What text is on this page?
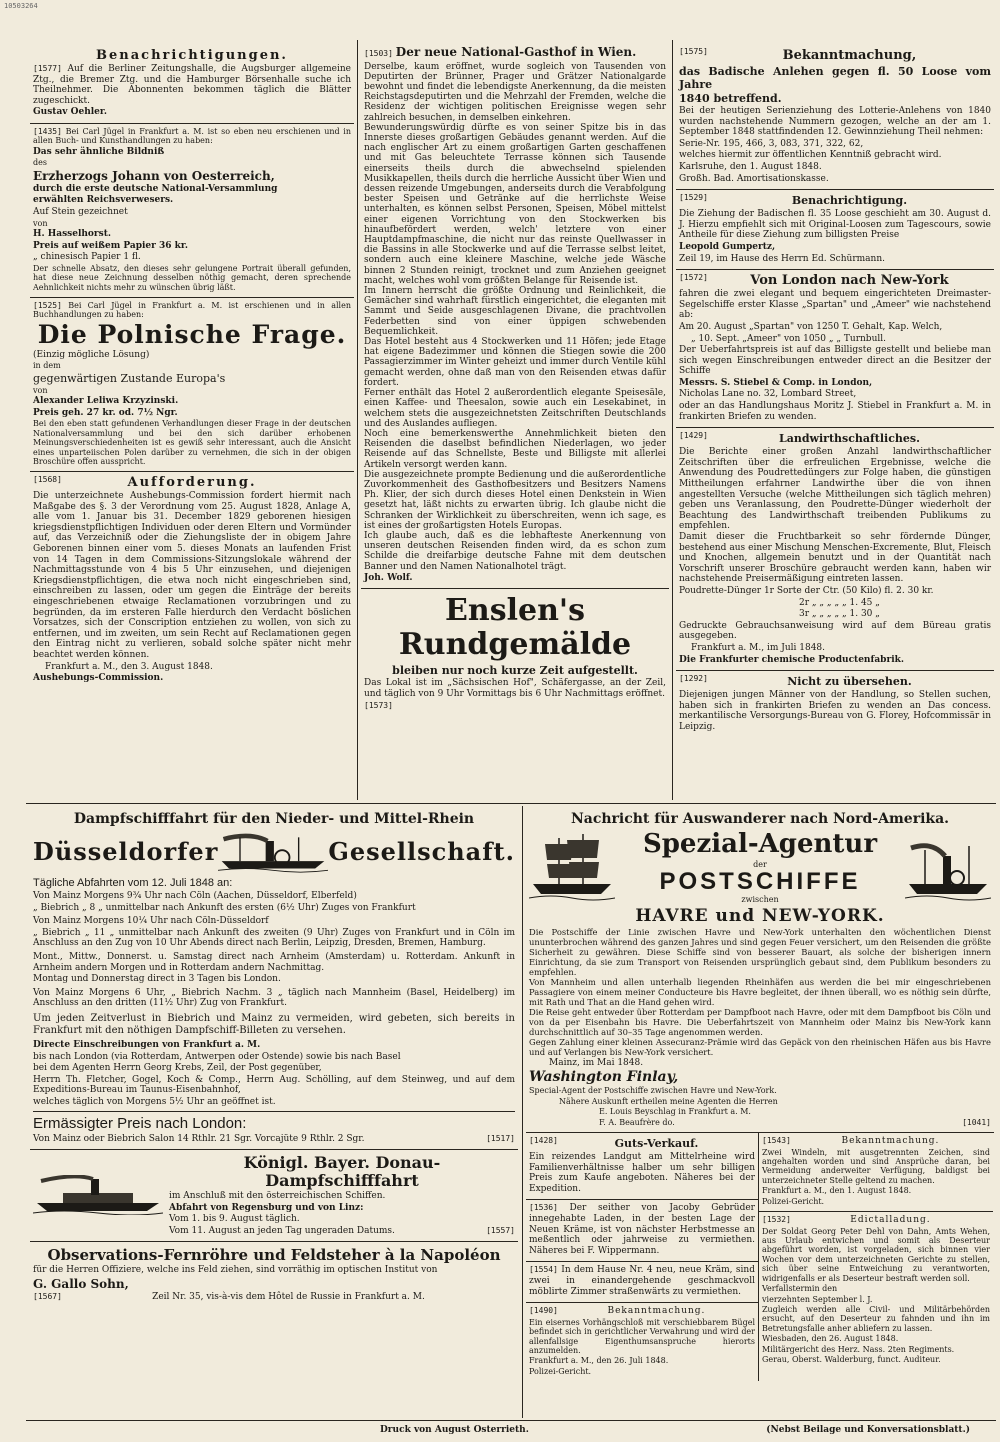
10503264
Benachrichtigungen.

[1577] Auf die Berliner Zeitungshalle, die Augsburger allgemeine Ztg., die Bremer Ztg. und die Hamburger Börsenhalle suche ich Theilnehmer. Die Abonnenten bekommen täglich die Blätter zugeschickt.

Gustav Oehler.

[1435] Bei Carl Jügel in Frankfurt a. M. ist so eben neu erschienen und in allen Buch- und Kunsthandlungen zu haben:

Das sehr ähnliche Bildniß

des

Erzherzogs Johann von Oesterreich,

durch die erste deutsche National-Versammlung

erwählten Reichsverwesers.

Auf Stein gezeichnet

von

H. Hasselhorst.

Preis auf weißem Papier 36 kr.

„ chinesisch Papier 1 fl.

Der schnelle Absatz, den dieses sehr gelungene Portrait überall gefunden, hat diese neue Zeichnung desselben nöthig gemacht, deren sprechende Aehnlichkeit nichts mehr zu wünschen übrig läßt.

[1525] Bei Carl Jügel in Frankfurt a. M. ist erschienen und in allen Buchhandlungen zu haben:

Die Polnische Frage.

(Einzig mögliche Lösung)

in dem

gegenwärtigen Zustande Europa's

von

Alexander Leliwa Krzyzinski.

Preis geh. 27 kr. od. 7½ Ngr.

Bei den eben statt gefundenen Verhandlungen dieser Frage in der deutschen Nationalversammlung und bei den sich darüber erhobenen Meinungsverschiedenheiten ist es gewiß sehr interessant, auch die Ansicht eines unparteiischen Polen darüber zu vernehmen, die sich in der obigen Broschüre offen ausspricht.

[1568]	Aufforderung.

Die unterzeichnete Aushebungs-Commission fordert hiermit nach Maßgabe des §. 3 der Verordnung vom 25. August 1828, Anlage A, alle vom 1. Januar bis 31. December 1829 geborenen hiesigen kriegsdienstpflichtigen Individuen oder deren Eltern und Vormünder auf, das Verzeichniß oder die Ziehungsliste der in obigem Jahre Geborenen binnen einer vom 5. dieses Monats an laufenden Frist von 14 Tagen in dem Commissions-Sitzungslokale während der Nachmittagsstunde von 4 bis 5 Uhr einzusehen, und diejenigen Kriegsdienstpflichtigen, die etwa noch nicht eingeschrieben sind, einschreiben zu lassen, oder um gegen die Einträge der bereits eingeschriebenen etwaige Reclamationen vorzubringen und zu begründen, da im ersteren Falle hierdurch den Verdacht böslichen Vorsatzes, sich der Conscription entziehen zu wollen, von sich zu entfernen, und im zweiten, um sein Recht auf Reclamationen gegen den Eintrag nicht zu verlieren, sobald solche später nicht mehr beachtet werden können.

Frankfurt a. M., den 3. August 1848.

Aushebungs-Commission.

[1503] Der neue National-Gasthof in Wien.

Derselbe, kaum eröffnet, wurde sogleich von Tausenden von Deputirten der Brünner, Prager und Grätzer Nationalgarde bewohnt und findet die lebendigste Anerkennung, da die meisten Reichstagsdeputirten und die Mehrzahl der Fremden, welche die Residenz der wichtigen politischen Ereignisse wegen sehr zahlreich besuchen, in demselben einkehren.
Bewunderungswürdig dürfte es von seiner Spitze bis in das Innerste dieses großartigen Gebäudes genannt werden. Auf die nach englischer Art zu einem großartigen Garten geschaffenen und mit Gas beleuchtete Terrasse können sich Tausende einerseits theils durch die abwechselnd spielenden Musikkapellen, theils durch die herrliche Aussicht über Wien und dessen reizende Umgebungen, anderseits durch die Verabfolgung bester Speisen und Getränke auf die herrlichste Weise unterhalten, es können selbst Personen, Speisen, Möbel mittelst einer eigenen Vorrichtung von den Stockwerken bis hinaufbefördert werden, welch' letztere von einer Hauptdampfmaschine, die nicht nur das reinste Quellwasser in die Bassins in alle Stockwerke und auf die Terrasse selbst leitet, sondern auch eine kleinere Maschine, welche jede Wäsche binnen 2 Stunden reinigt, trocknet und zum Anziehen geeignet macht, welches wohl vom größten Belange für Reisende ist.
Im Innern herrscht die größte Ordnung und Reinlichkeit, die Gemächer sind wahrhaft fürstlich eingerichtet, die eleganten mit Sammt und Seide ausgeschlagenen Divane, die prachtvollen Federbetten sind von einer üppigen schwebenden Bequemlichkeit.
Das Hotel besteht aus 4 Stockwerken und 11 Höfen; jede Etage hat eigene Badezimmer und können die Stiegen sowie die 200 Passagierzimmer im Winter geheizt und immer durch Ventile kühl gemacht werden, ohne daß man von den Reisenden etwas dafür fordert.
Ferner enthält das Hotel 2 außerordentlich elegante Speisesäle, einen Kaffee- und Theesalon, sowie auch ein Lesekabinet, in welchem stets die ausgezeichnetsten Zeitschriften Deutschlands und des Auslandes aufliegen.
Noch eine bemerkenswerthe Annehmlichkeit bieten den Reisenden die daselbst befindlichen Niederlagen, wo jeder Reisende auf das Schnellste, Beste und Billigste mit allerlei Artikeln versorgt werden kann.
Die ausgezeichnete prompte Bedienung und die außerordentliche Zuvorkommenheit des Gasthofbesitzers und Besitzers Namens Ph. Klier, der sich durch dieses Hotel einen Denkstein in Wien gesetzt hat, läßt nichts zu erwarten übrig. Ich glaube nicht die Schranken der Wirklichkeit zu überschreiten, wenn ich sage, es ist eines der großartigsten Hotels Europas.
Ich glaube auch, daß es die lebhafteste Anerkennung von unseren deutschen Reisenden finden wird, da es schon zum Schilde die dreifarbige deutsche Fahne mit dem deutschen Banner und den Namen Nationalhotel trägt.

Joh. Wolf.

Enslen's Rundgemälde
bleiben nur noch kurze Zeit aufgestellt.

Das Lokal ist im „Sächsischen Hof", Schäfergasse, an der Zeil, und täglich von 9 Uhr Vormittags bis 6 Uhr Nachmittags eröffnet.

[1573]

[1575]	Bekanntmachung,

das Badische Anlehen gegen fl. 50 Loose vom Jahre

1840 betreffend.

Bei der heutigen Serienziehung des Lotterie-Anlehens von 1840 wurden nachstehende Nummern gezogen, welche an der am 1. September 1848 stattfindenden 12. Gewinnziehung Theil nehmen:

Serie-Nr. 195, 466, 3, 083, 371, 322, 62,

welches hiermit zur öffentlichen Kenntniß gebracht wird.

Karlsruhe, den 1. August 1848.

Großh. Bad. Amortisationskasse.

[1529]	Benachrichtigung.

Die Ziehung der Badischen fl. 35 Loose geschieht am 30. August d. J. Hierzu empfiehlt sich mit Original-Loosen zum Tagescours, sowie Antheile für diese Ziehung zum billigsten Preise

Leopold Gumpertz,

Zeil 19, im Hause des Herrn Ed. Schürmann.

[1572]	Von London nach New-York

fahren die zwei elegant und bequem eingerichteten Dreimaster-Segelschiffe erster Klasse „Spartan" und „Ameer" wie nachstehend ab:

Am 20. August „Spartan" von 1250 T. Gehalt, Kap. Welch,

„ 10. Sept. „Ameer" von 1050 „ „ Turnbull.

Der Ueberfahrtspreis ist auf das Billigste gestellt und beliebe man sich wegen Einschreibungen entweder direct an die Besitzer der Schiffe

Messrs. S. Stiebel & Comp. in London,

Nicholas Lane no. 32, Lombard Street,

oder an das Handlungshaus Moritz J. Stiebel in Frankfurt a. M. in frankirten Briefen zu wenden.

[1429]	Landwirthschaftliches.

Die Berichte einer großen Anzahl landwirthschaftlicher Zeitschriften über die erfreulichen Ergebnisse, welche die Anwendung des Poudrettedüngers zur Folge haben, die günstigen Mittheilungen erfahrner Landwirthe über die von ihnen angestellten Versuche (welche Mittheilungen sich täglich mehren) geben uns Veranlassung, den Poudrette-Dünger wiederholt der Beachtung des Landwirthschaft treibenden Publikums zu empfehlen.
Damit dieser die Fruchtbarkeit so sehr fördernde Dünger, bestehend aus einer Mischung Menschen-Excremente, Blut, Fleisch und Knochen, allgemein benutzt und in der Quantität nach Vorschrift unserer Broschüre gebraucht werden kann, haben wir nachstehende Preisermäßigung eintreten lassen.

Poudrette-Dünger 1r Sorte der Ctr. (50 Kilo) fl. 2. 30 kr.

2r „ „ „ „ „ 1. 45 „

3r „ „ „ „ „ 1. 30 „

Gedruckte Gebrauchsanweisung wird auf dem Büreau gratis ausgegeben.

Frankfurt a. M., im Juli 1848.

Die Frankfurter chemische Productenfabrik.

[1292]	Nicht zu übersehen.

Diejenigen jungen Männer von der Handlung, so Stellen suchen, haben sich in frankirten Briefen zu wenden an Das concess. merkantilische Versorgungs-Bureau von G. Florey, Hofcommissär in Leipzig.

Dampfschifffahrt für den Nieder- und Mittel-Rhein
Düsseldorfer	Gesellschaft.

Tägliche Abfahrten vom 12. Juli 1848 an:

Von Mainz Morgens 9¾ Uhr nach Cöln (Aachen, Düsseldorf, Elberfeld)

„ Biebrich „ 8 „ unmittelbar nach Ankunft des ersten (6½ Uhr) Zuges von Frankfurt

Von Mainz Morgens 10¼ Uhr nach Cöln-Düsseldorf

„ Biebrich „ 11 „ unmittelbar nach Ankunft des zweiten (9 Uhr) Zuges von Frankfurt und in Cöln im Anschluss an den Zug von 10 Uhr Abends direct nach Berlin, Leipzig, Dresden, Bremen, Hamburg.

Mont., Mittw., Donnerst. u. Samstag direct nach Arnheim (Amsterdam) u. Rotterdam. Ankunft in Arnheim andern Morgen und in Rotterdam andern Nachmittag.

Montag und Donnerstag direct in 3 Tagen bis London.

Von Mainz Morgens 6 Uhr, „ Biebrich Nachm. 3 „ täglich nach Mannheim (Basel, Heidelberg) im Anschluss an den dritten (11½ Uhr) Zug von Frankfurt.

Um jeden Zeitverlust in Biebrich und Mainz zu vermeiden, wird gebeten, sich bereits in Frankfurt mit den nöthigen Dampfschiff-Billeten zu versehen.

Directe Einschreibungen von Frankfurt a. M.

bis nach London (via Rotterdam, Antwerpen oder Ostende) sowie bis nach Basel

bei dem Agenten Herrn Georg Krebs, Zeil, der Post gegenüber,

Herrn Th. Fletcher, Gogel, Koch & Comp., Herrn Aug. Schölling, auf dem Steinweg, und auf dem Expeditions-Bureau im Taunus-Eisenbahnhof,

welches täglich von Morgens 5½ Uhr an geöffnet ist.

Ermässigter Preis nach London:

Von Mainz oder Biebrich Salon 14 Rthlr. 21 Sgr. Vorcajüte 9 Rthlr. 2 Sgr.	[1517]

Königl. Bayer. Donau-Dampfschifffahrt

im Anschluß mit den österreichischen Schiffen.

Abfahrt von Regensburg und von Linz:

Vom 1. bis 9. August täglich.

Vom 11. August an jeden Tag ungeraden Datums.	[1557]

Observations-Fernröhre und Feldsteher à la Napoléon

für die Herren Offiziere, welche ins Feld ziehen, sind vorräthig im optischen Institut von

G. Gallo Sohn,

[1567]	Zeil Nr. 35, vis-à-vis dem Hôtel de Russie in Frankfurt a. M.

Nachricht für Auswanderer nach Nord-Amerika.
Spezial-Agentur
der
POSTSCHIFFE
zwischen
HAVRE und NEW-YORK.

Die Postschiffe der Linie zwischen Havre und New-York unterhalten den wöchentlichen Dienst ununterbrochen während des ganzen Jahres und sind gegen Feuer versichert, um den Reisenden die größte Sicherheit zu gewähren. Diese Schiffe sind von besserer Bauart, als solche der bisherigen innern Einrichtung, da sie zum Transport von Reisenden ursprünglich gebaut sind, dem Publikum besonders zu empfehlen.
Von Mannheim und allen unterhalb liegenden Rheinhäfen aus werden die bei mir eingeschriebenen Passagiere von einem meiner Conducteure bis Havre begleitet, der ihnen überall, wo es nöthig sein dürfte, mit Rath und That an die Hand gehen wird.
Die Reise geht entweder über Rotterdam per Dampfboot nach Havre, oder mit dem Dampfboot bis Cöln und von da per Eisenbahn bis Havre. Die Ueberfahrtszeit von Mannheim oder Mainz bis New-York kann durchschnittlich auf 30–35 Tage angenommen werden.
Gegen Zahlung einer kleinen Assecuranz-Prämie wird das Gepäck von den rheinischen Häfen aus bis Havre und auf Verlangen bis New-York versichert.

Mainz, im Mai 1848.

Washington Finlay,

Special-Agent der Postschiffe zwischen Havre und New-York.

Nähere Auskunft ertheilen meine Agenten die Herren

E. Louis Beyschlag in Frankfurt a. M.

F. A. Beaufrère do.	[1041]

[1428]	Guts-Verkauf.

Ein reizendes Landgut am Mittelrheine wird Familienverhältnisse halber um sehr billigen Preis zum Kaufe angeboten. Näheres bei der Expedition.

[1536] Der seither von Jacoby Gebrüder innegehabte Laden, in der besten Lage der Neuen Kräme, ist von nächster Herbstmesse an meßentlich oder jahrweise zu vermiethen. Näheres bei F. Wippermann.

[1554] In dem Hause Nr. 4 neu, neue Kräm, sind zwei in einandergehende geschmackvoll möblirte Zimmer straßenwärts zu vermiethen.

[1490]	Bekanntmachung.

Ein eisernes Vorhängschloß mit verschiebbarem Bügel befindet sich in gerichtlicher Verwahrung und wird der allenfallsige Eigenthumsanspruche hierorts anzumelden.

Frankfurt a. M., den 26. Juli 1848.

Polizei-Gericht.

[1543]	Bekanntmachung.

Zwei Windeln, mit ausgetrennten Zeichen, sind angehalten worden und sind Ansprüche daran, bei Vermeidung anderweiter Verfügung, baldigst bei unterzeichneter Stelle geltend zu machen.

Frankfurt a. M., den 1. August 1848.

Polizei-Gericht.

[1532]	Edictalladung.

Der Soldat Georg Peter Dehl von Dahn, Amts Wehen, aus Urlaub entwichen und somit als Deserteur abgeführt worden, ist vorgeladen, sich binnen vier Wochen vor dem unterzeichneten Gerichte zu stellen, sich über seine Entweichung zu verantworten, widrigenfalls er als Deserteur bestraft werden soll.

Verfallstermin den

vierzehnten September l. J.

Zugleich werden alle Civil- und Militärbehörden ersucht, auf den Deserteur zu fahnden und ihn im Betretungsfalle anher abliefern zu lassen.

Wiesbaden, den 26. August 1848.

Militärgericht des Herz. Nass. 2ten Regiments.

Gerau, Oberst. Walderburg, funct. Auditeur.

Druck von August Osterrieth.	(Nebst Beilage und Konversationsblatt.)
